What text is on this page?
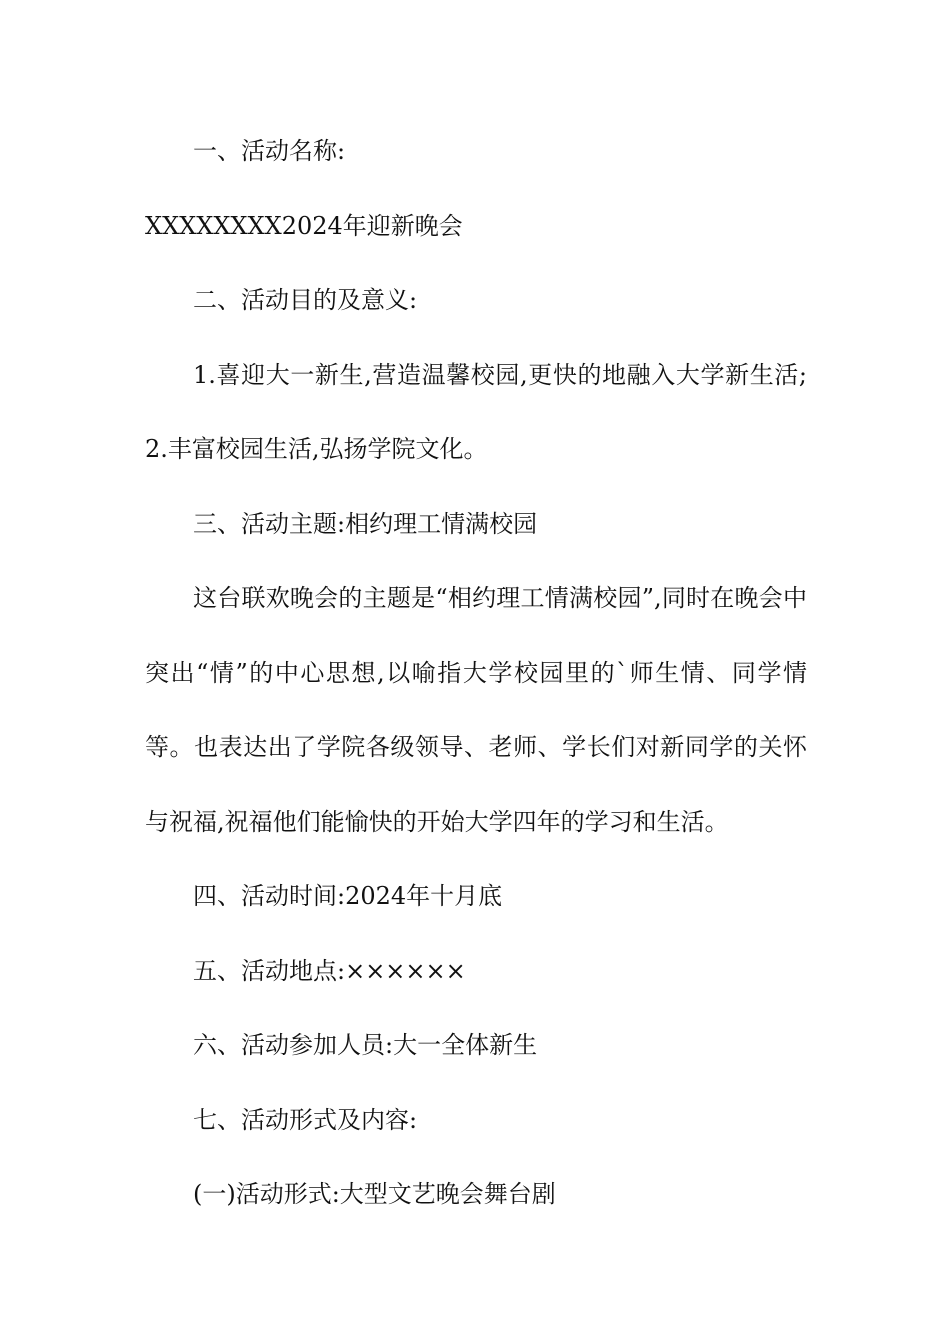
一、活动名称:

XXXXXXXX2024年迎新晚会

二、活动目的及意义:

1.喜迎大一新生,营造温馨校园,更快的地融入大学新生活;2.丰富校园生活,弘扬学院文化。

三、活动主题:相约理工情满校园

这台联欢晚会的主题是“相约理工情满校园”,同时在晚会中突出“情”的中心思想,以喻指大学校园里的`师生情、同学情等。也表达出了学院各级领导、老师、学长们对新同学的关怀与祝福,祝福他们能愉快的开始大学四年的学习和生活。

四、活动时间:2024年十月底

五、活动地点:××××××

六、活动参加人员:大一全体新生

七、活动形式及内容:

(一)活动形式:大型文艺晚会舞台剧
